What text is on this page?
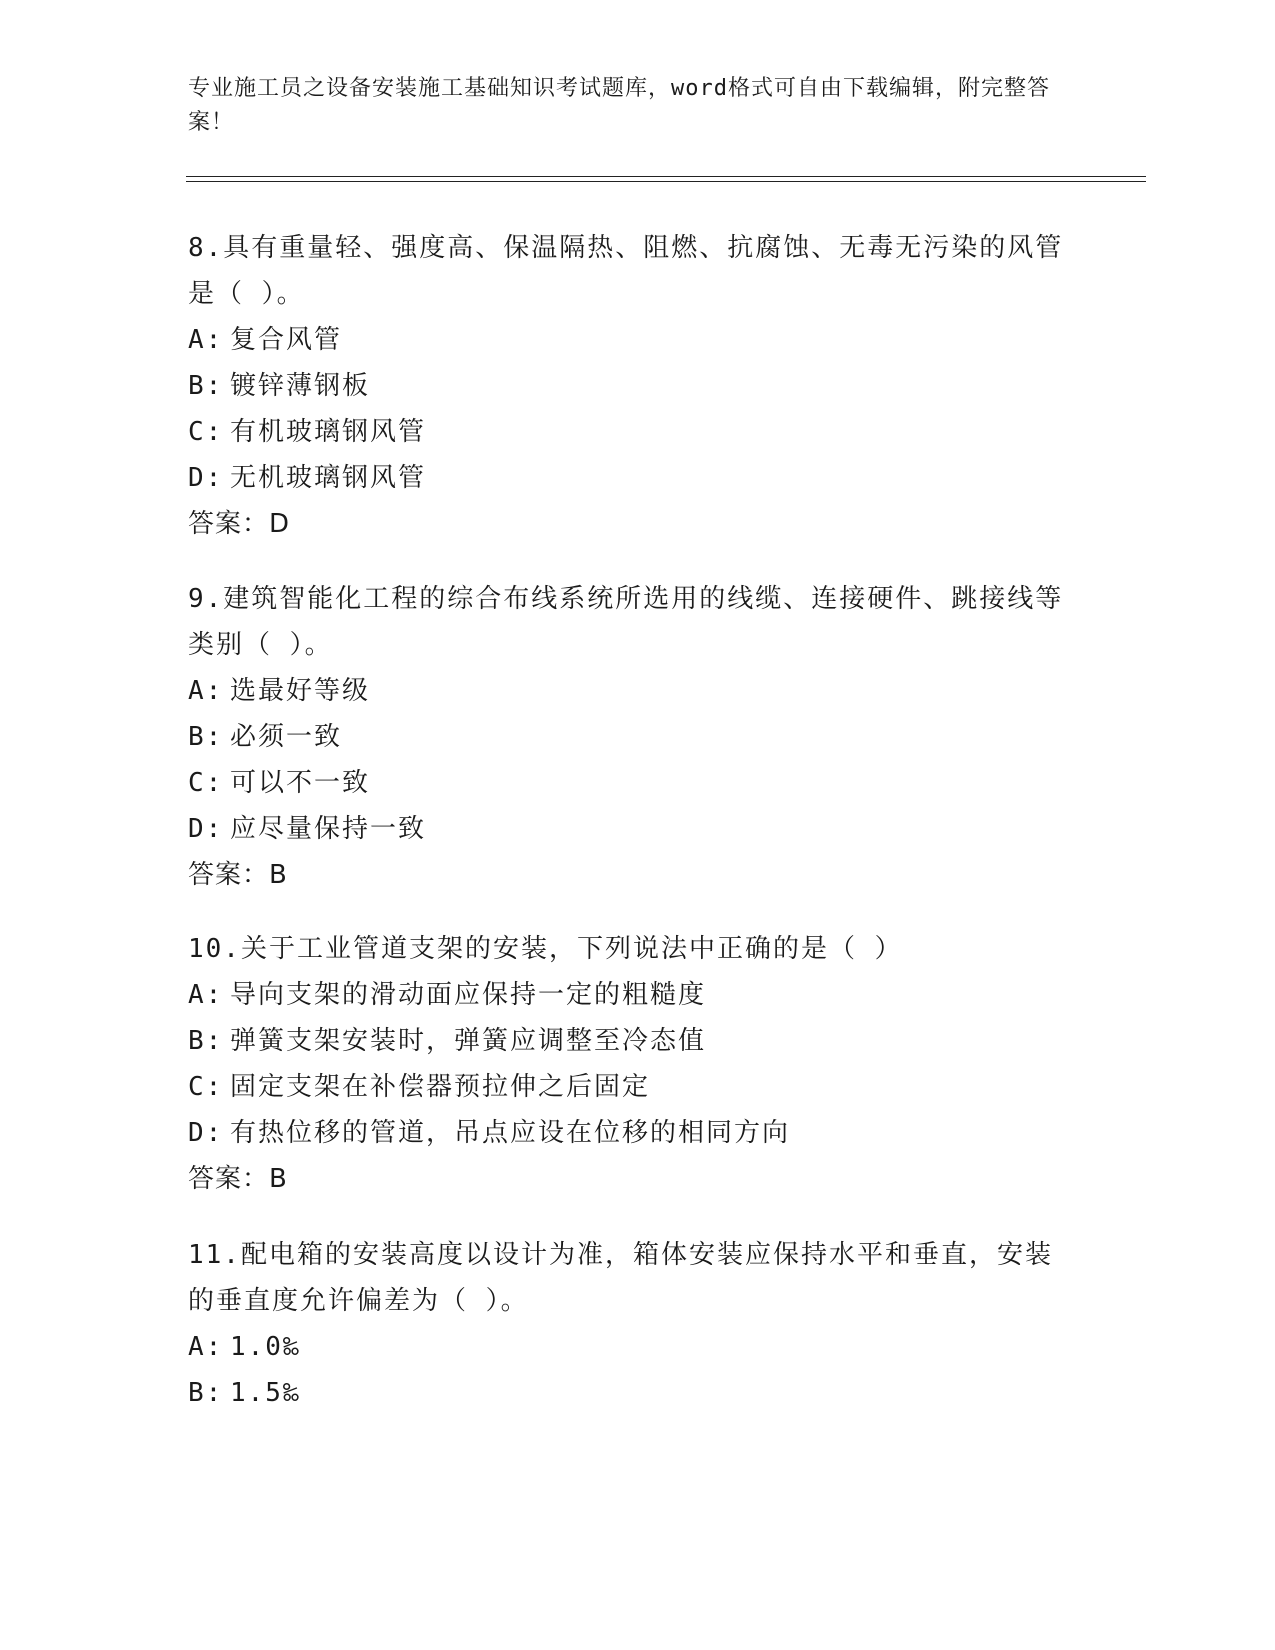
专业施工员之设备安装施工基础知识考试题库，word格式可自由下载编辑，附完整答案！

8.具有重量轻、强度高、保温隔热、阻燃、抗腐蚀、无毒无污染的风管是（ ）。

A: 复合风管

B: 镀锌薄钢板

C: 有机玻璃钢风管

D: 无机玻璃钢风管

答案：D

9.建筑智能化工程的综合布线系统所选用的线缆、连接硬件、跳接线等类别（ ）。

A: 选最好等级

B: 必须一致

C: 可以不一致

D: 应尽量保持一致

答案：B

10.关于工业管道支架的安装，下列说法中正确的是（ ）

A: 导向支架的滑动面应保持一定的粗糙度

B: 弹簧支架安装时，弹簧应调整至冷态值

C: 固定支架在补偿器预拉伸之后固定

D: 有热位移的管道，吊点应设在位移的相同方向

答案：B

11.配电箱的安装高度以设计为准，箱体安装应保持水平和垂直，安装的垂直度允许偏差为（ ）。

A: 1.0‰

B: 1.5‰
